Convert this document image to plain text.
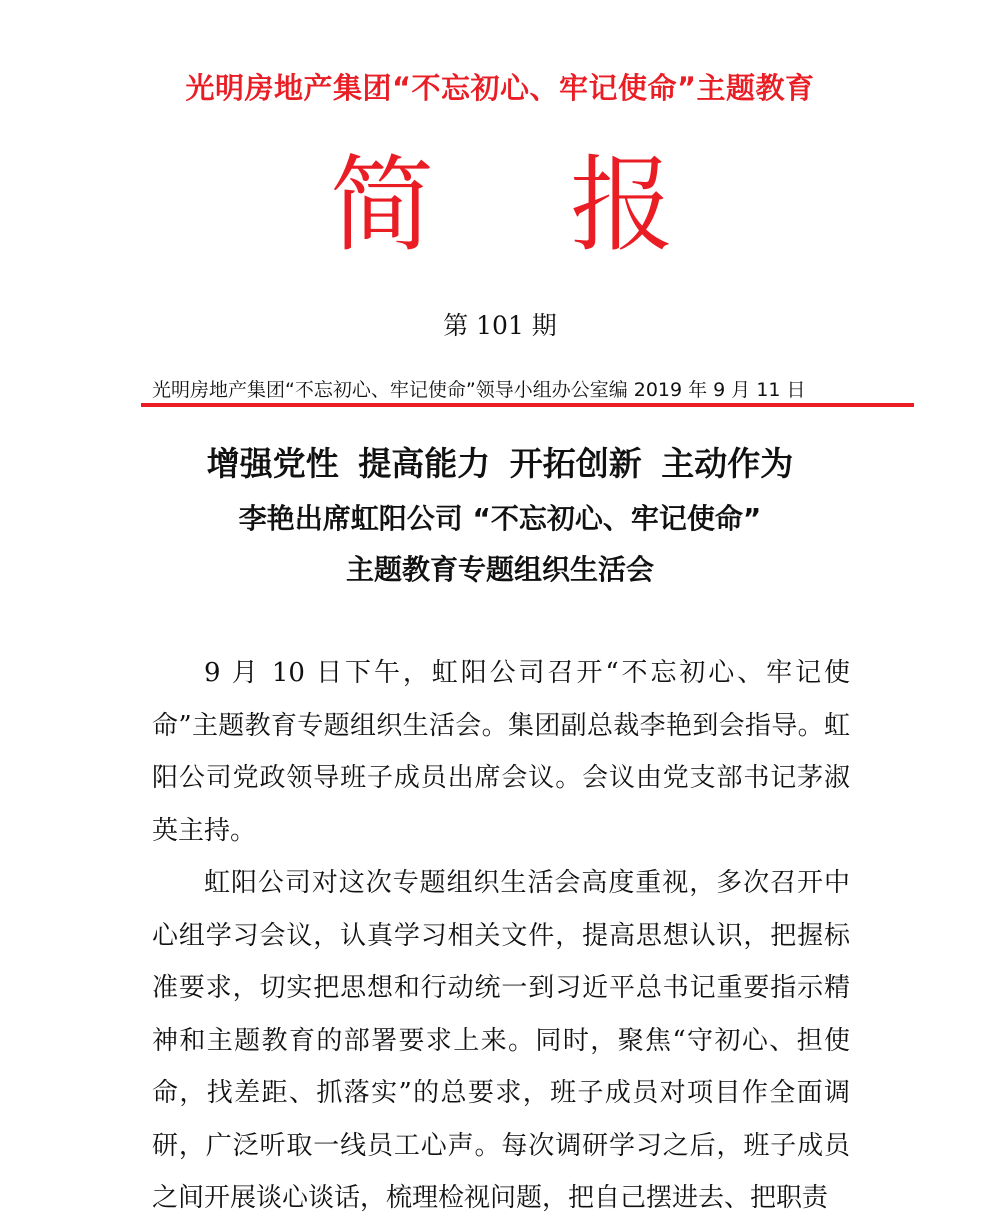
光明房地产集团“不忘初心、牢记使命”主题教育
简 报
第 101 期
光明房地产集团“不忘初心、牢记使命”领导小组办公室编 2019 年 9 月 11 日
增强党性 提高能力 开拓创新 主动作为
李艳出席虹阳公司 “不忘初心、牢记使命”
主题教育专题组织生活会

9 月 10 日下午，虹阳公司召开“不忘初心、牢记使命”主题教育专题组织生活会。集团副总裁李艳到会指导。虹阳公司党政领导班子成员出席会议。会议由党支部书记茅淑英主持。

虹阳公司对这次专题组织生活会高度重视，多次召开中心组学习会议，认真学习相关文件，提高思想认识，把握标准要求，切实把思想和行动统一到习近平总书记重要指示精神和主题教育的部署要求上来。同时，聚焦“守初心、担使命，找差距、抓落实”的总要求，班子成员对项目作全面调研，广泛听取一线员工心声。每次调研学习之后，班子成员之间开展谈心谈话，梳理检视问题，把自己摆进去、把职责
